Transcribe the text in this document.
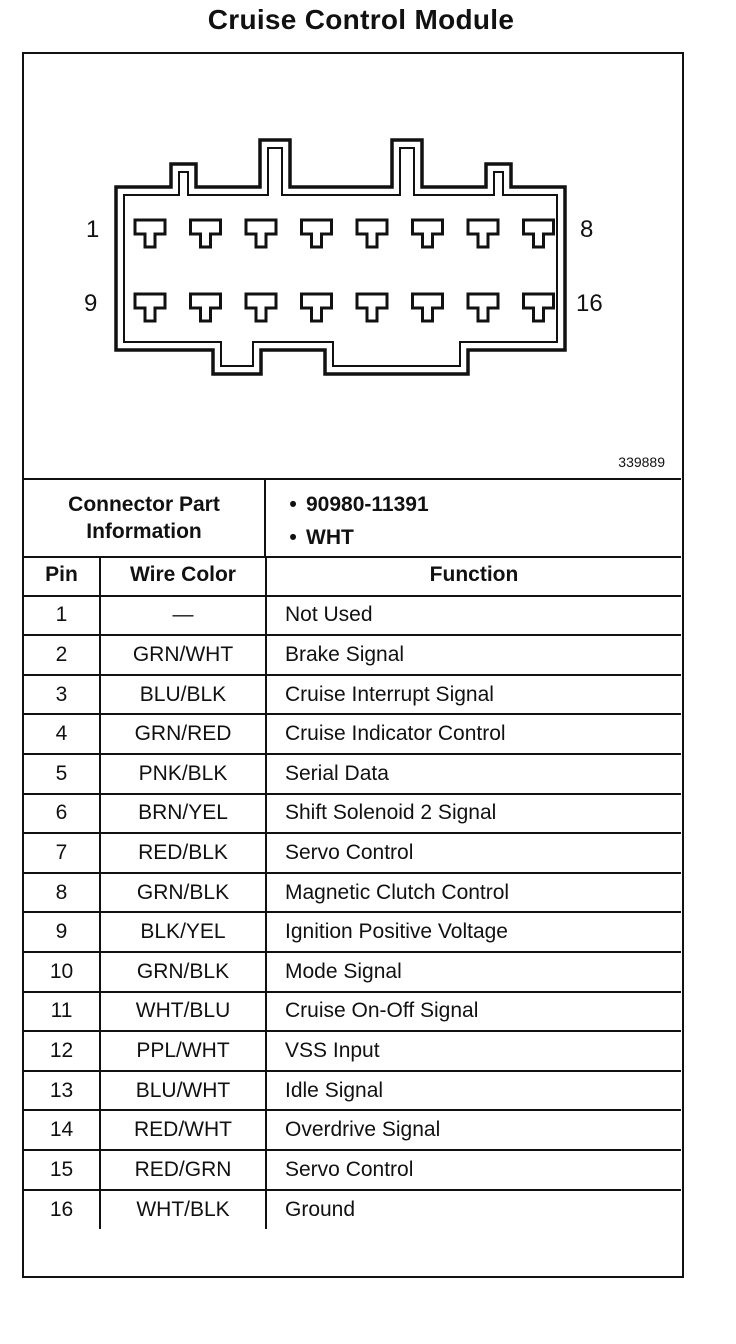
Cruise Control Module
1	8
9	16
339889
Connector Part
Information
• 90980-11391
• WHT
Pin	Wire Color	Function
1	—	Not Used
2	GRN/WHT	Brake Signal
3	BLU/BLK	Cruise Interrupt Signal
4	GRN/RED	Cruise Indicator Control
5	PNK/BLK	Serial Data
6	BRN/YEL	Shift Solenoid 2 Signal
7	RED/BLK	Servo Control
8	GRN/BLK	Magnetic Clutch Control
9	BLK/YEL	Ignition Positive Voltage
10	GRN/BLK	Mode Signal
11	WHT/BLU	Cruise On-Off Signal
12	PPL/WHT	VSS Input
13	BLU/WHT	Idle Signal
14	RED/WHT	Overdrive Signal
15	RED/GRN	Servo Control
16	WHT/BLK	Ground
